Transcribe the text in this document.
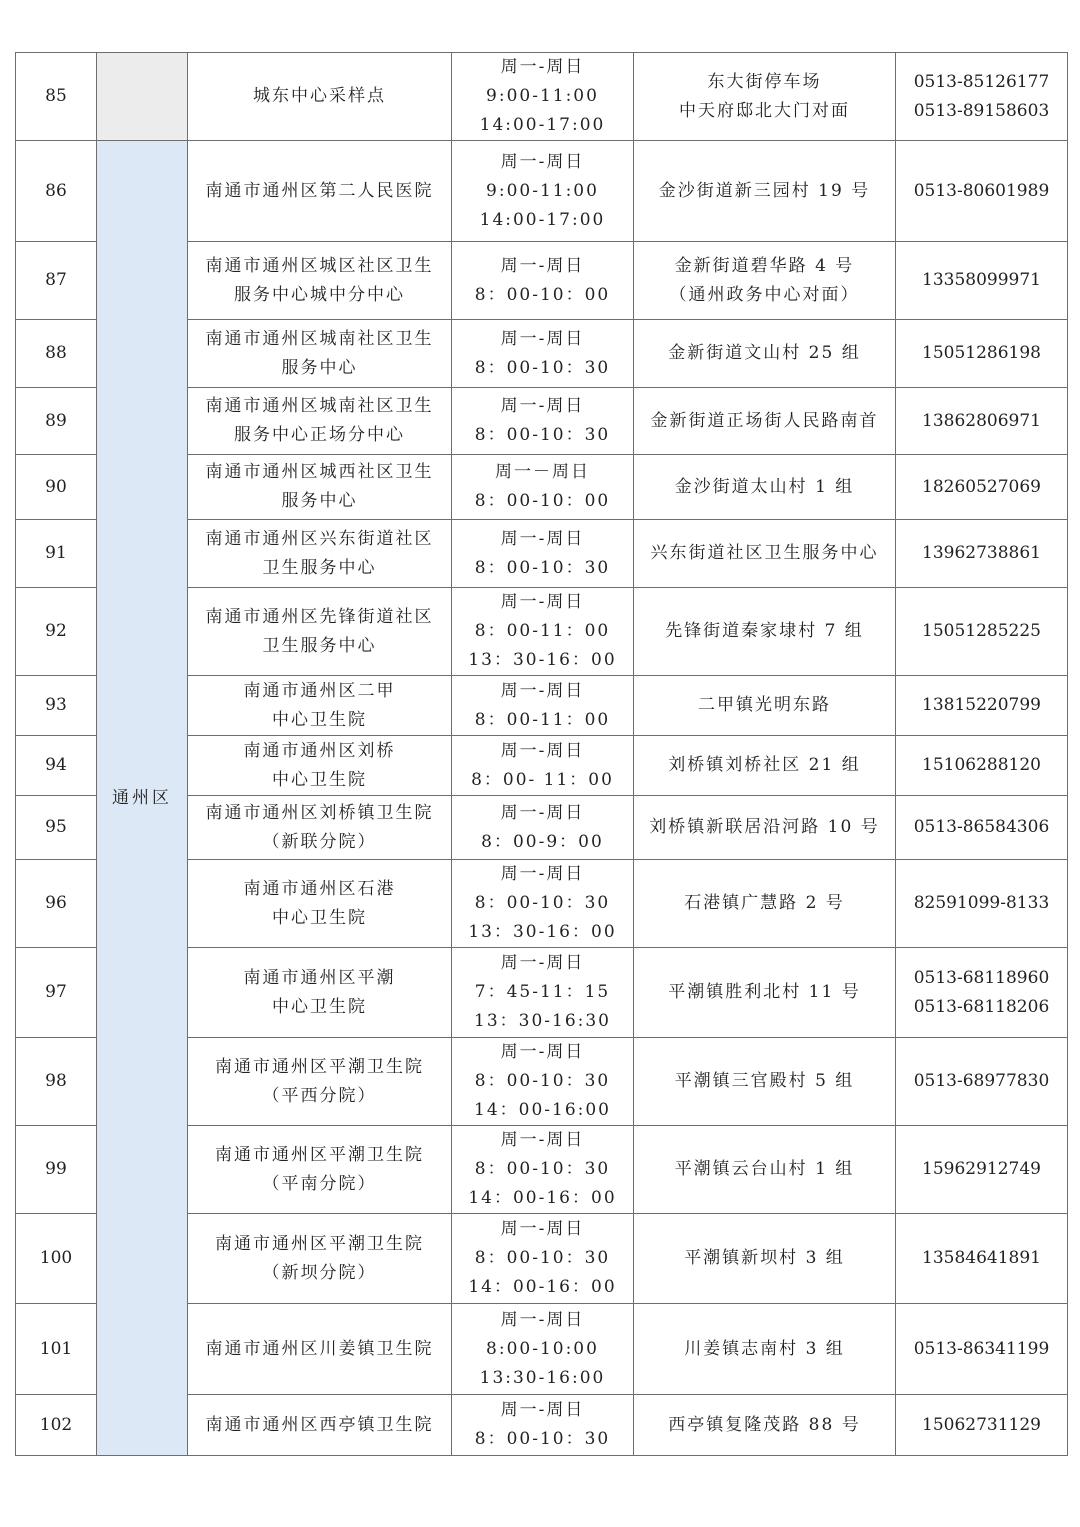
85		城东中心采样点	周一-周日
9:00-11:00
14:00-17:00	东大街停车场
中天府邸北大门对面	0513-85126177
0513-89158603

86	通州区	南通市通州区第二人民医院	周一-周日
9:00-11:00
14:00-17:00	金沙街道新三园村 19 号	0513-80601989

87		南通市通州区城区社区卫生
服务中心城中分中心	周一-周日
8：00-10：00	金新街道碧华路 4 号
（通州政务中心对面）	13358099971

88		南通市通州区城南社区卫生
服务中心	周一-周日
8：00-10：30	金新街道文山村 25 组	15051286198

89		南通市通州区城南社区卫生
服务中心正场分中心	周一-周日
8：00-10：30	金新街道正场街人民路南首	13862806971

90		南通市通州区城西社区卫生
服务中心	周一－周日
8：00-10：00	金沙街道太山村 1 组	18260527069

91		南通市通州区兴东街道社区
卫生服务中心	周一-周日
8：00-10：30	兴东街道社区卫生服务中心	13962738861

92		南通市通州区先锋街道社区
卫生服务中心	周一-周日
8：00-11：00
13：30-16：00	先锋街道秦家埭村 7 组	15051285225

93		南通市通州区二甲
中心卫生院	周一-周日
8：00-11：00	二甲镇光明东路	13815220799

94		南通市通州区刘桥
中心卫生院	周一-周日
8：00- 11：00	刘桥镇刘桥社区 21 组	15106288120

95		南通市通州区刘桥镇卫生院
（新联分院）	周一-周日
8：00-9：00	刘桥镇新联居沿河路 10 号	0513-86584306

96		南通市通州区石港
中心卫生院	周一-周日
8：00-10：30
13：30-16：00	石港镇广慧路 2 号	82591099-8133

97		南通市通州区平潮
中心卫生院	周一-周日
7：45-11：15
13：30-16:30	平潮镇胜利北村 11 号	0513-68118960
0513-68118206

98		南通市通州区平潮卫生院
（平西分院）	周一-周日
8：00-10：30
14：00-16:00	平潮镇三官殿村 5 组	0513-68977830

99		南通市通州区平潮卫生院
（平南分院）	周一-周日
8：00-10：30
14：00-16：00	平潮镇云台山村 1 组	15962912749

100		南通市通州区平潮卫生院
（新坝分院）	周一-周日
8：00-10：30
14：00-16：00	平潮镇新坝村 3 组	13584641891

101		南通市通州区川姜镇卫生院	周一-周日
8:00-10:00
13:30-16:00	川姜镇志南村 3 组	0513-86341199

102		南通市通州区西亭镇卫生院	周一-周日
8：00-10：30	西亭镇复隆茂路 88 号	15062731129
